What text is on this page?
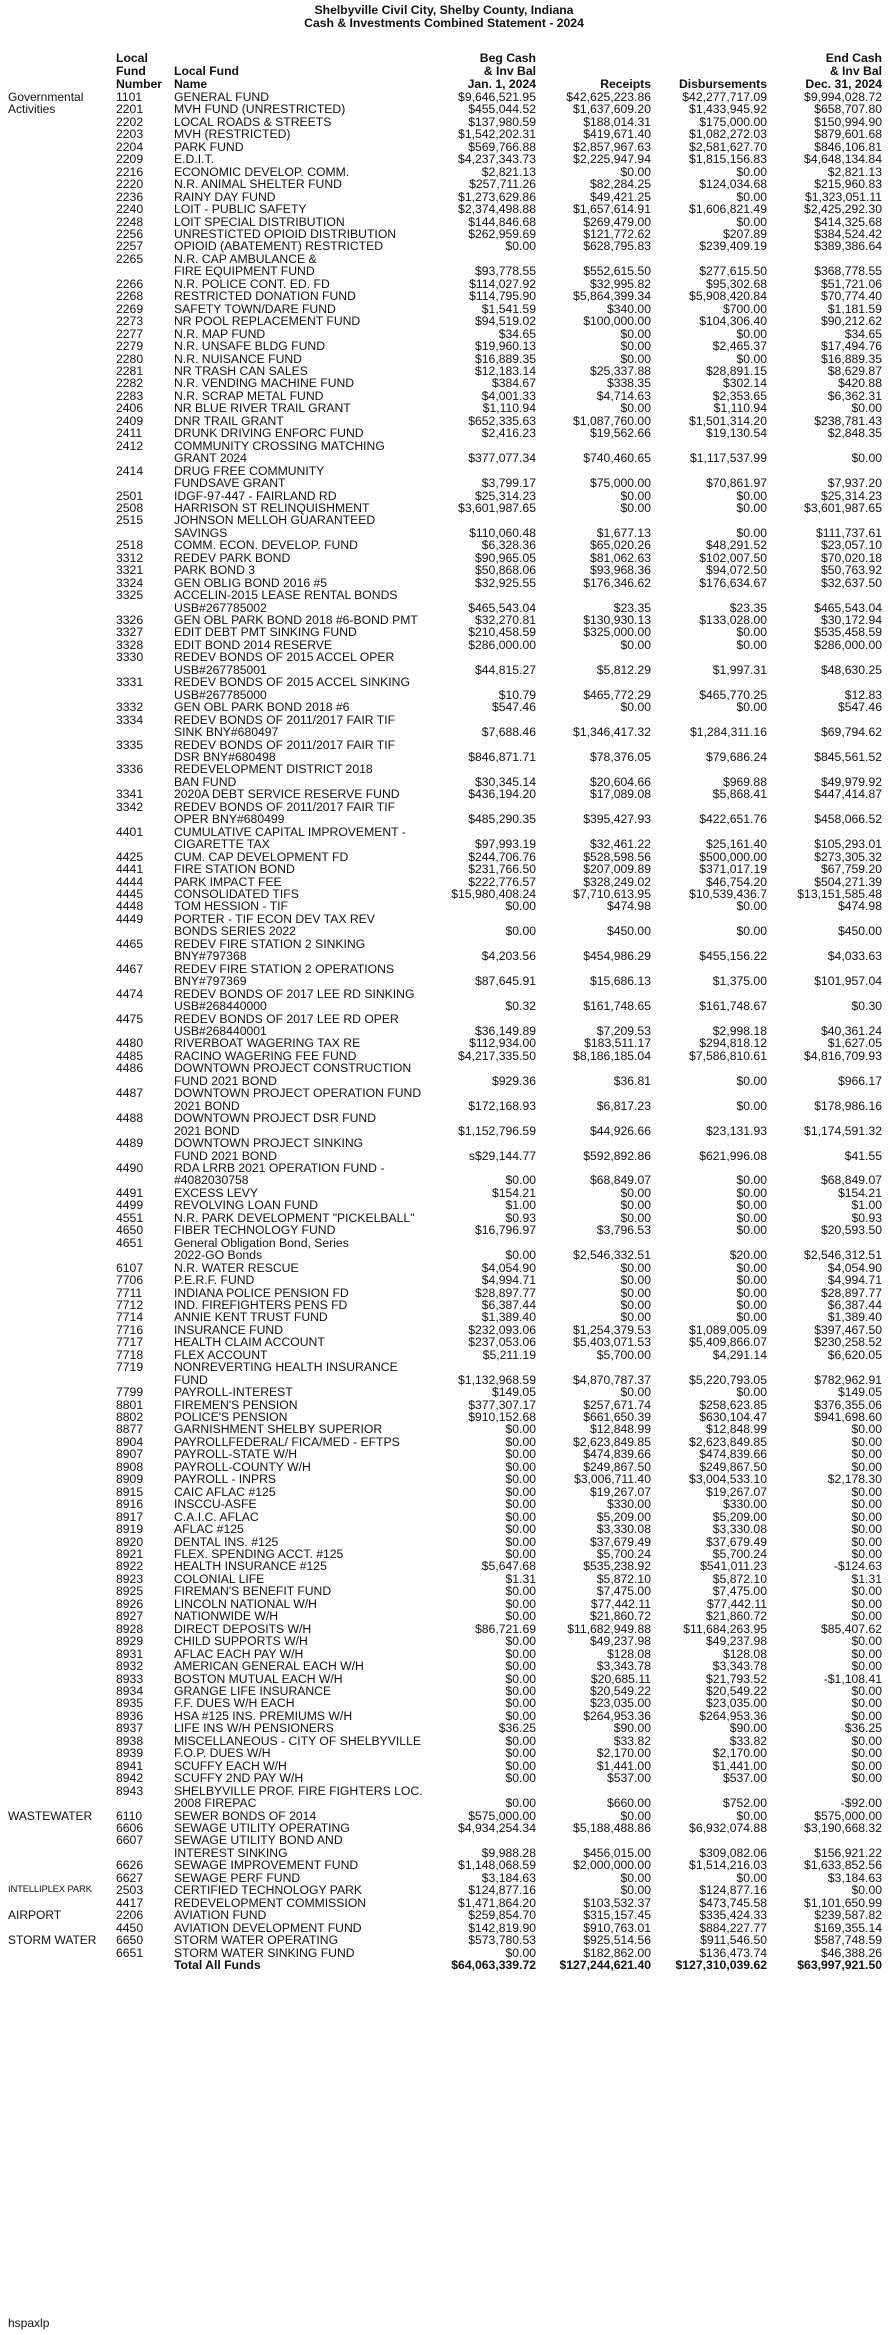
Shelbyville Civil City, Shelby County, Indiana
Cash & Investments Combined Statement - 2024
Local
Fund
Number
Local Fund
Name
Beg Cash
& Inv Bal
Jan. 1, 2024	Receipts	Disbursements
End Cash
& Inv Bal
Dec. 31, 2024
Governmental	1101	GENERAL FUND	$9,646,521.95	$42,625,223.86	$42,277,717.09	$9,994,028.72
Activities	2201	MVH FUND (UNRESTRICTED)	$455,044.52	$1,637,609.20	$1,433,945.92	$658,707.80
2202	LOCAL ROADS & STREETS	$137,980.59	$188,014.31	$175,000.00	$150,994.90
2203	MVH (RESTRICTED)	$1,542,202.31	$419,671.40	$1,082,272.03	$879,601.68
2204	PARK FUND	$569,766.88	$2,857,967.63	$2,581,627.70	$846,106.81
2209	E.D.I.T.	$4,237,343.73	$2,225,947.94	$1,815,156.83	$4,648,134.84
2216	ECONOMIC DEVELOP. COMM.	$2,821.13	$0.00	$0.00	$2,821.13
2220	N.R. ANIMAL SHELTER FUND	$257,711.26	$82,284.25	$124,034.68	$215,960.83
2236	RAINY DAY FUND	$1,273,629.86	$49,421.25	$0.00	$1,323,051.11
2240	LOIT - PUBLIC SAFETY	$2,374,498.88	$1,657,614.91	$1,606,821.49	$2,425,292.30
2248	LOIT SPECIAL DISTRIBUTION	$144,846.68	$269,479.00	$0.00	$414,325.68
2256	UNRESTICTED OPIOID DISTRIBUTION	$262,959.69	$121,772.62	$207.89	$384,524.42
2257	OPIOID (ABATEMENT) RESTRICTED	$0.00	$628,795.83	$239,409.19	$389,386.64
2265	N.R. CAP AMBULANCE &
FIRE EQUIPMENT FUND	$93,778.55	$552,615.50	$277,615.50	$368,778.55
2266	N.R. POLICE CONT. ED. FD	$114,027.92	$32,995.82	$95,302.68	$51,721.06
2268	RESTRICTED DONATION FUND	$114,795.90	$5,864,399.34	$5,908,420.84	$70,774.40
2269	SAFETY TOWN/DARE FUND	$1,541.59	$340.00	$700.00	$1,181.59
2273	NR POOL REPLACEMENT FUND	$94,519.02	$100,000.00	$104,306.40	$90,212.62
2277	N.R. MAP FUND	$34.65	$0.00	$0.00	$34.65
2279	N.R. UNSAFE BLDG FUND	$19,960.13	$0.00	$2,465.37	$17,494.76
2280	N.R. NUISANCE FUND	$16,889.35	$0.00	$0.00	$16,889.35
2281	NR TRASH CAN SALES	$12,183.14	$25,337.88	$28,891.15	$8,629.87
2282	N.R. VENDING MACHINE FUND	$384.67	$338.35	$302.14	$420.88
2283	N.R. SCRAP METAL FUND	$4,001.33	$4,714.63	$2,353.65	$6,362.31
2406	NR BLUE RIVER TRAIL GRANT	$1,110.94	$0.00	$1,110.94	$0.00
2409	DNR TRAIL GRANT	$652,335.63	$1,087,760.00	$1,501,314.20	$238,781.43
2411	DRUNK DRIVING ENFORC FUND	$2,416.23	$19,562.66	$19,130.54	$2,848.35
2412	COMMUNITY CROSSING MATCHING
GRANT 2024	$377,077.34	$740,460.65	$1,117,537.99	$0.00
2414	DRUG FREE COMMUNITY
FUNDSAVE GRANT	$3,799.17	$75,000.00	$70,861.97	$7,937.20
2501	IDGF-97-447 - FAIRLAND RD	$25,314.23	$0.00	$0.00	$25,314.23
2508	HARRISON ST RELINQUISHMENT	$3,601,987.65	$0.00	$0.00	$3,601,987.65
2515	JOHNSON MELLOH GUARANTEED
SAVINGS	$110,060.48	$1,677.13	$0.00	$111,737.61
2518	COMM. ECON. DEVELOP. FUND	$6,328.36	$65,020.26	$48,291.52	$23,057.10
3312	REDEV PARK BOND	$90,965.05	$81,062.63	$102,007.50	$70,020.18
3321	PARK BOND 3	$50,868.06	$93,968.36	$94,072.50	$50,763.92
3324	GEN OBLIG BOND 2016 #5	$32,925.55	$176,346.62	$176,634.67	$32,637.50
3325	ACCELIN-2015 LEASE RENTAL BONDS
USB#267785002	$465,543.04	$23.35	$23.35	$465,543.04
3326	GEN OBL PARK BOND 2018 #6-BOND PMT	$32,270.81	$130,930.13	$133,028.00	$30,172.94
3327	EDIT DEBT PMT SINKING FUND	$210,458.59	$325,000.00	$0.00	$535,458.59
3328	EDIT BOND 2014 RESERVE	$286,000.00	$0.00	$0.00	$286,000.00
3330	REDEV BONDS OF 2015 ACCEL OPER
USB#267785001	$44,815.27	$5,812.29	$1,997.31	$48,630.25
3331	REDEV BONDS OF 2015 ACCEL SINKING
USB#267785000	$10.79	$465,772.29	$465,770.25	$12.83
3332	GEN OBL PARK BOND 2018 #6	$547.46	$0.00	$0.00	$547.46
3334	REDEV BONDS OF 2011/2017 FAIR TIF
SINK BNY#680497	$7,688.46	$1,346,417.32	$1,284,311.16	$69,794.62
3335	REDEV BONDS OF 2011/2017 FAIR TIF
DSR BNY#680498	$846,871.71	$78,376.05	$79,686.24	$845,561.52
3336	REDEVELOPMENT DISTRICT 2018
BAN FUND	$30,345.14	$20,604.66	$969.88	$49,979.92
3341	2020A DEBT SERVICE RESERVE FUND	$436,194.20	$17,089.08	$5,868.41	$447,414.87
3342	REDEV BONDS OF 2011/2017 FAIR TIF
OPER BNY#680499	$485,290.35	$395,427.93	$422,651.76	$458,066.52
4401	CUMULATIVE CAPITAL IMPROVEMENT -
CIGARETTE TAX	$97,993.19	$32,461.22	$25,161.40	$105,293.01
4425	CUM. CAP DEVELOPMENT FD	$244,706.76	$528,598.56	$500,000.00	$273,305.32
4441	FIRE STATION BOND	$231,766.50	$207,009.89	$371,017.19	$67,759.20
4444	PARK IMPACT FEE	$222,776.57	$328,249.02	$46,754.20	$504,271.39
4445	CONSOLIDATED TIFS	$15,980,408.24	$7,710,613.95	$10,539,436.7	$13,151,585.48
4448	TOM HESSION - TIF	$0.00	$474.98	$0.00	$474.98
4449	PORTER - TIF ECON DEV TAX REV
BONDS SERIES 2022	$0.00	$450.00	$0.00	$450.00
4465	REDEV FIRE STATION 2 SINKING
BNY#797368	$4,203.56	$454,986.29	$455,156.22	$4,033.63
4467	REDEV FIRE STATION 2 OPERATIONS
BNY#797369	$87,645.91	$15,686.13	$1,375.00	$101,957.04
4474	REDEV BONDS OF 2017 LEE RD SINKING
USB#268440000	$0.32	$161,748.65	$161,748.67	$0.30
4475	REDEV BONDS OF 2017 LEE RD OPER
USB#268440001	$36,149.89	$7,209.53	$2,998.18	$40,361.24
4480	RIVERBOAT WAGERING TAX RE	$112,934.00	$183,511.17	$294,818.12	$1,627.05
4485	RACINO WAGERING FEE FUND	$4,217,335.50	$8,186,185.04	$7,586,810.61	$4,816,709.93
4486	DOWNTOWN PROJECT CONSTRUCTION
FUND 2021 BOND	$929.36	$36.81	$0.00	$966.17
4487	DOWNTOWN PROJECT OPERATION FUND
2021 BOND	$172,168.93	$6,817.23	$0.00	$178,986.16
4488	DOWNTOWN PROJECT DSR FUND
2021 BOND	$1,152,796.59	$44,926.66	$23,131.93	$1,174,591.32
4489	DOWNTOWN PROJECT SINKING
FUND 2021 BOND	s$29,144.77	$592,892.86	$621,996.08	$41.55
4490	RDA LRRB 2021 OPERATION FUND -
#4082030758	$0.00	$68,849.07	$0.00	$68,849.07
4491	EXCESS LEVY	$154.21	$0.00	$0.00	$154.21
4499	REVOLVING LOAN FUND	$1.00	$0.00	$0.00	$1.00
4551	N.R. PARK DEVELOPMENT "PICKELBALL"	$0.93	$0.00	$0.00	$0.93
4650	FIBER TECHNOLOGY FUND	$16,796.97	$3,796.53	$0.00	$20,593.50
4651	General Obligation Bond, Series
2022-GO Bonds	$0.00	$2,546,332.51	$20.00	$2,546,312.51
6107	N.R. WATER RESCUE	$4,054.90	$0.00	$0.00	$4,054.90
7706	P.E.R.F. FUND	$4,994.71	$0.00	$0.00	$4,994.71
7711	INDIANA POLICE PENSION FD	$28,897.77	$0.00	$0.00	$28,897.77
7712	IND. FIREFIGHTERS PENS FD	$6,387.44	$0.00	$0.00	$6,387.44
7714	ANNIE KENT TRUST FUND	$1,389.40	$0.00	$0.00	$1,389.40
7716	INSURANCE FUND	$232,093.06	$1,254,379.53	$1,089,005.09	$397,467.50
7717	HEALTH CLAIM ACCOUNT	$237,053.06	$5,403,071.53	$5,409,866.07	$230,258.52
7718	FLEX ACCOUNT	$5,211.19	$5,700.00	$4,291.14	$6,620.05
7719	NONREVERTING HEALTH INSURANCE
FUND	$1,132,968.59	$4,870,787.37	$5,220,793.05	$782,962.91
7799	PAYROLL-INTEREST	$149.05	$0.00	$0.00	$149.05
8801	FIREMEN'S PENSION	$377,307.17	$257,671.74	$258,623.85	$376,355.06
8802	POLICE'S PENSION	$910,152.68	$661,650.39	$630,104.47	$941,698.60
8877	GARNISHMENT SHELBY SUPERIOR	$0.00	$12,848.99	$12,848.99	$0.00
8904	PAYROLLFEDERAL/ FICA/MED - EFTPS	$0.00	$2,623,849.85	$2,623,849.85	$0.00
8907	PAYROLL-STATE W/H	$0.00	$474,839.66	$474,839.66	$0.00
8908	PAYROLL-COUNTY W/H	$0.00	$249,867.50	$249,867.50	$0.00
8909	PAYROLL - INPRS	$0.00	$3,006,711.40	$3,004,533.10	$2,178.30
8915	CAIC AFLAC #125	$0.00	$19,267.07	$19,267.07	$0.00
8916	INSCCU-ASFE	$0.00	$330.00	$330.00	$0.00
8917	C.A.I.C. AFLAC	$0.00	$5,209.00	$5,209.00	$0.00
8919	AFLAC #125	$0.00	$3,330.08	$3,330.08	$0.00
8920	DENTAL INS. #125	$0.00	$37,679.49	$37,679.49	$0.00
8921	FLEX. SPENDING ACCT. #125	$0.00	$5,700.24	$5,700.24	$0.00
8922	HEALTH INSURANCE #125	$5,647.68	$535,238.92	$541,011.23	-$124.63
8923	COLONIAL LIFE	$1.31	$5,872.10	$5,872.10	$1.31
8925	FIREMAN'S BENEFIT FUND	$0.00	$7,475.00	$7,475.00	$0.00
8926	LINCOLN NATIONAL W/H	$0.00	$77,442.11	$77,442.11	$0.00
8927	NATIONWIDE W/H	$0.00	$21,860.72	$21,860.72	$0.00
8928	DIRECT DEPOSITS W/H	$86,721.69	$11,682,949.88	$11,684,263.95	$85,407.62
8929	CHILD SUPPORTS W/H	$0.00	$49,237.98	$49,237.98	$0.00
8931	AFLAC EACH PAY W/H	$0.00	$128.08	$128.08	$0.00
8932	AMERICAN GENERAL EACH W/H	$0.00	$3,343.78	$3,343.78	$0.00
8933	BOSTON MUTUAL EACH W/H	$0.00	$20,685.11	$21,793.52	-$1,108.41
8934	GRANGE LIFE INSURANCE	$0.00	$20,549.22	$20,549.22	$0.00
8935	F.F. DUES W/H EACH	$0.00	$23,035.00	$23,035.00	$0.00
8936	HSA #125 INS. PREMIUMS W/H	$0.00	$264,953.36	$264,953.36	$0.00
8937	LIFE INS W/H PENSIONERS	$36.25	$90.00	$90.00	$36.25
8938	MISCELLANEOUS - CITY OF SHELBYVILLE	$0.00	$33.82	$33.82	$0.00
8939	F.O.P. DUES W/H	$0.00	$2,170.00	$2,170.00	$0.00
8941	SCUFFY EACH W/H	$0.00	$1,441.00	$1,441.00	$0.00
8942	SCUFFY 2ND PAY W/H	$0.00	$537.00	$537.00	$0.00
8943	SHELBYVILLE PROF. FIRE FIGHTERS LOC.
2008 FIREPAC	$0.00	$660.00	$752.00	-$92.00
WASTEWATER	6110	SEWER BONDS OF 2014	$575,000.00	$0.00	$0.00	$575,000.00
6606	SEWAGE UTILITY OPERATING	$4,934,254.34	$5,188,488.86	$6,932,074.88	$3,190,668.32
6607	SEWAGE UTILITY BOND AND
INTEREST SINKING	$9,988.28	$456,015.00	$309,082.06	$156,921.22
6626	SEWAGE IMPROVEMENT FUND	$1,148,068.59	$2,000,000.00	$1,514,216.03	$1,633,852.56
6627	SEWAGE PERF FUND	$3,184.63	$0.00	$0.00	$3,184.63
INTELLIPLEX PARK	2503	CERTIFIED TECHNOLOGY PARK	$124,877.16	$0.00	$124,877.16	$0.00
4417	REDEVELOPMENT COMMISSION	$1,471,864.20	$103,532.37	$473,745.58	$1,101,650.99
AIRPORT	2206	AVIATION FUND	$259,854.70	$315,157.45	$335,424.33	$239,587.82
4450	AVIATION DEVELOPMENT FUND	$142,819.90	$910,763.01	$884,227.77	$169,355.14
STORM WATER	6650	STORM WATER OPERATING	$573,780.53	$925,514.56	$911,546.50	$587,748.59
6651	STORM WATER SINKING FUND	$0.00	$182,862.00	$136,473.74	$46,388.26
Total All Funds	$64,063,339.72	$127,244,621.40	$127,310,039.62	$63,997,921.50
hspaxlp
